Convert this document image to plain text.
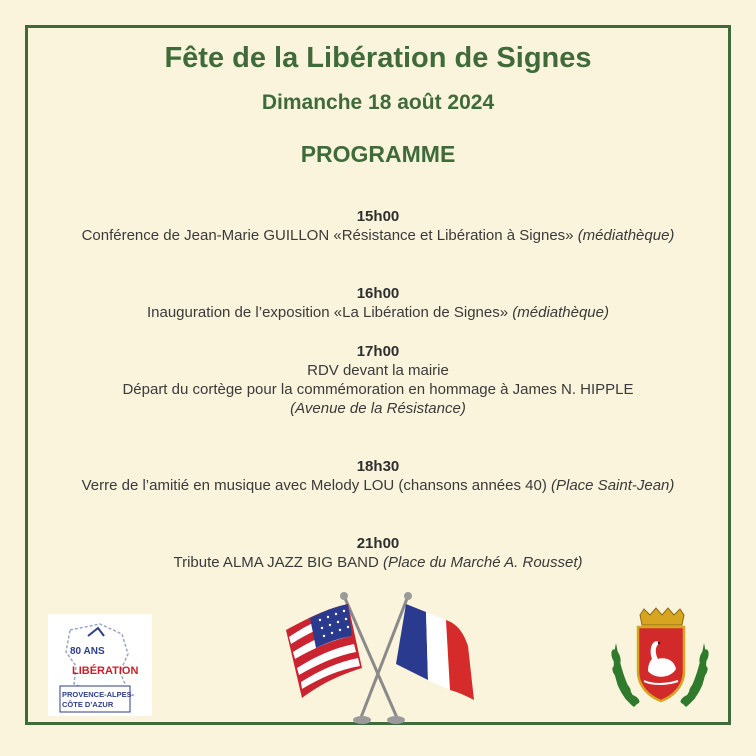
Fête de la Libération de Signes
Dimanche 18 août 2024
PROGRAMME
15h00
Conférence de Jean-Marie GUILLON «Résistance et Libération à Signes» (médiathèque)
16h00
Inauguration de l’exposition «La Libération de Signes» (médiathèque)
17h00
RDV devant la mairie
Départ du cortège pour la commémoration en hommage à James N. HIPPLE
(Avenue de la Résistance)
18h30
Verre de l’amitié en musique avec Melody LOU (chansons années 40) (Place Saint-Jean)
21h00
Tribute ALMA JAZZ BIG BAND (Place du Marché A. Rousset)
80 ANS
LIBÉRATION
PROVENCE-ALPES-
CÔTE D’AZUR
